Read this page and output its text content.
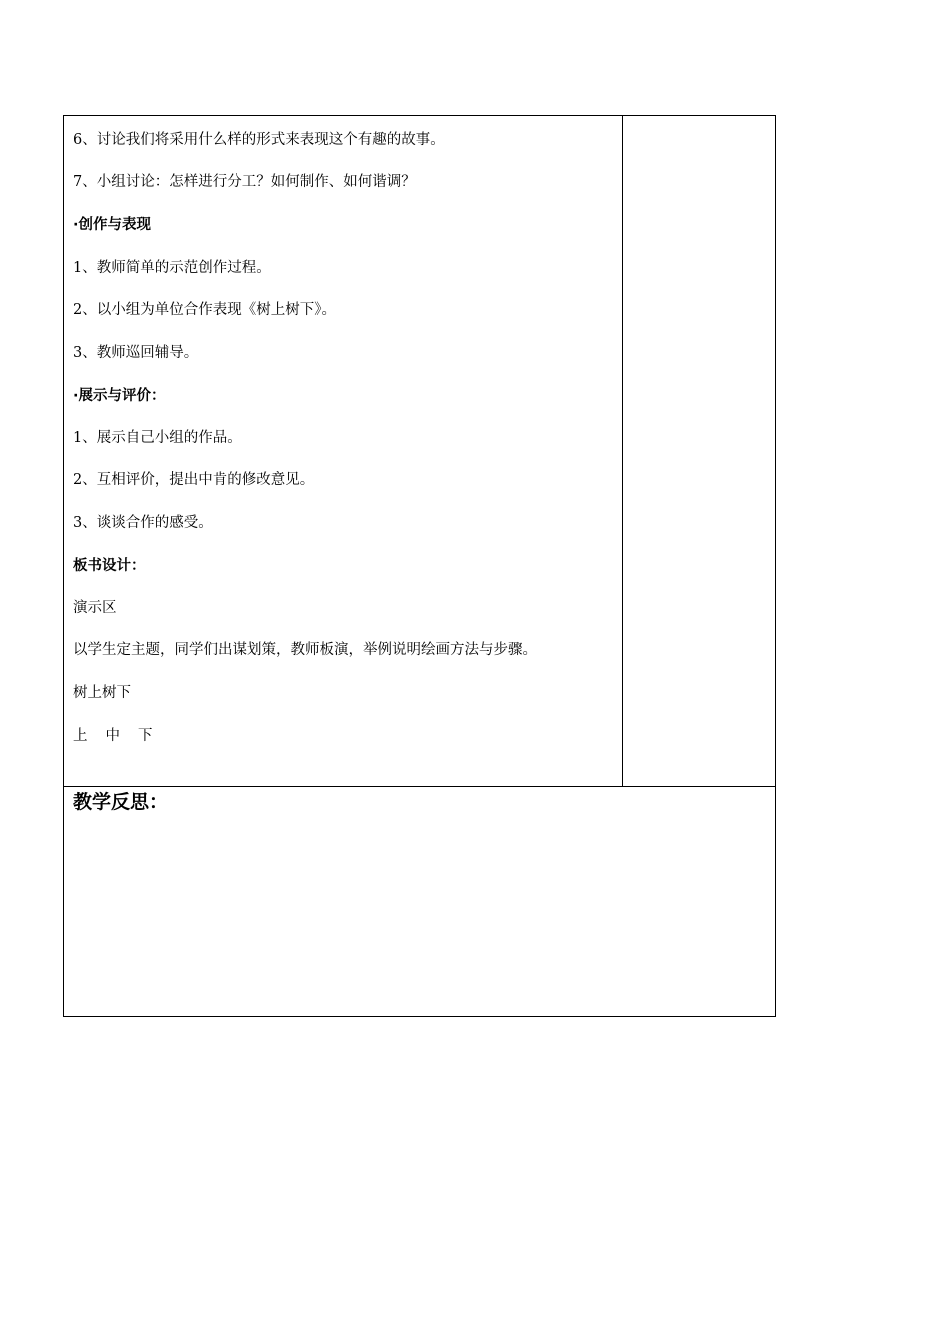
6、讨论我们将采用什么样的形式来表现这个有趣的故事。
7、小组讨论：怎样进行分工？如何制作、如何谐调？
·创作与表现
1、教师简单的示范创作过程。
2、以小组为单位合作表现《树上树下》。
3、教师巡回辅导。
·展示与评价：
1、展示自己小组的作品。
2、互相评价，提出中肯的修改意见。
3、谈谈合作的感受。
板书设计：
演示区
以学生定主题，同学们出谋划策，教师板演，举例说明绘画方法与步骤。
树上树下
上 中 下
教学反思：
